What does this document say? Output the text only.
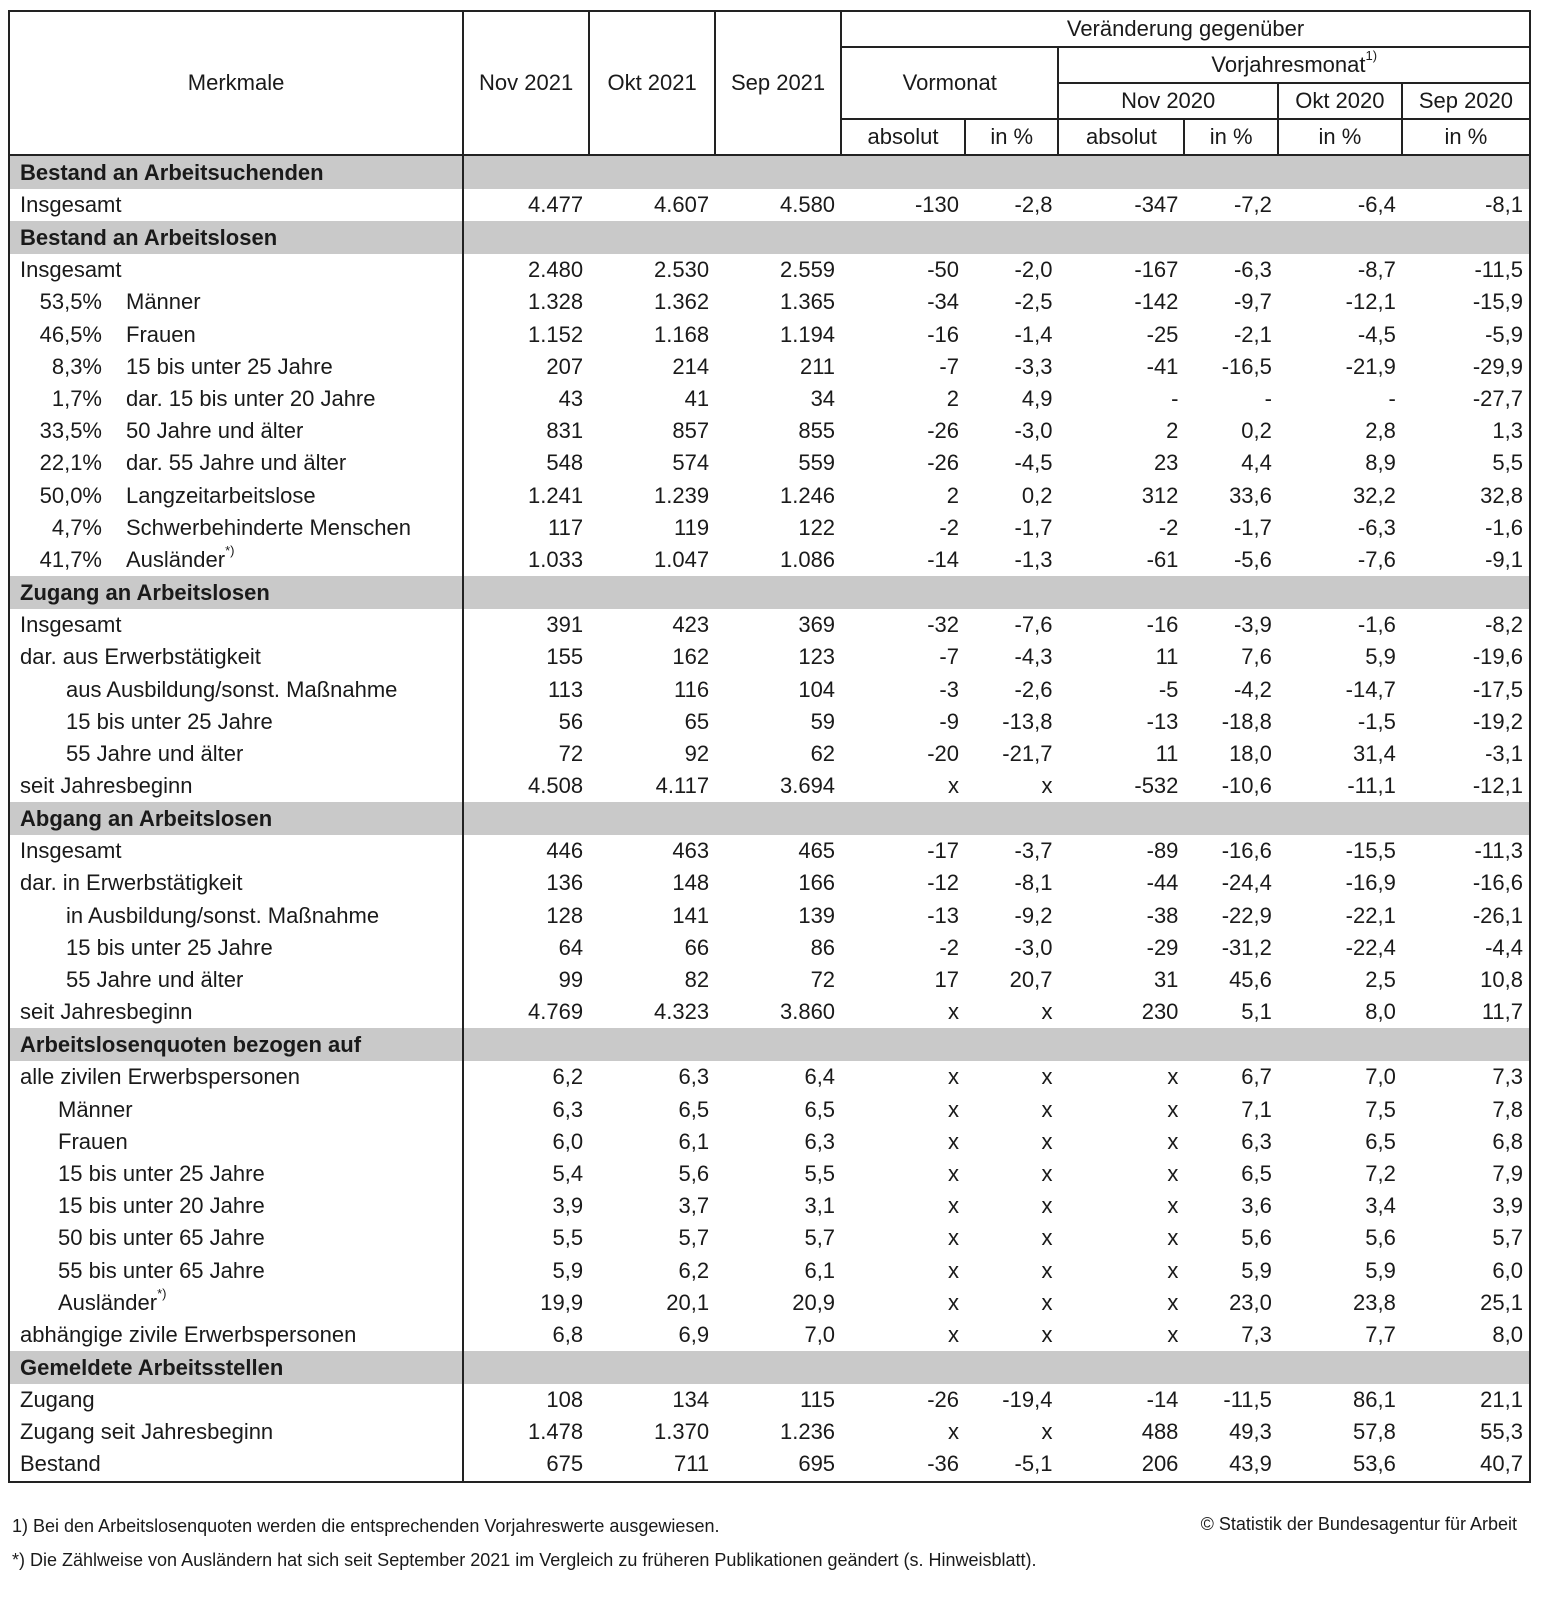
Merkmale	Nov 2021	Okt 2021	Sep 2021	Veränderung gegenüber					
				Vormonat		Vorjahresmonat$^{1)}$
						Nov 2020		Okt 2020	Sep 2020
				absolut	in %	absolut	in %	in %	in %
Bestand an Arbeitsuchenden									
Insgesamt	4.477	4.607	4.580	-130	-2,8	-347	-7,2	-6,4	-8,1
Bestand an Arbeitslosen									
Insgesamt	2.480	2.530	2.559	-50	-2,0	-167	-6,3	-8,7	-11,5
53,5% Männer	1.328	1.362	1.365	-34	-2,5	-142	-9,7	-12,1	-15,9
46,5% Frauen	1.152	1.168	1.194	-16	-1,4	-25	-2,1	-4,5	-5,9
8,3% 15 bis unter 25 Jahre	207	214	211	-7	-3,3	-41	-16,5	-21,9	-29,9
1,7% dar. 15 bis unter 20 Jahre	43	41	34	2	4,9	-	-	-	-27,7
33,5% 50 Jahre und älter	831	857	855	-26	-3,0	2	0,2	2,8	1,3
22,1% dar. 55 Jahre und älter	548	574	559	-26	-4,5	23	4,4	8,9	5,5
50,0% Langzeitarbeitslose	1.241	1.239	1.246	2	0,2	312	33,6	32,2	32,8
4,7% Schwerbehinderte Menschen	117	119	122	-2	-1,7	-2	-1,7	-6,3	-1,6
41,7% Ausländer*)	1.033	1.047	1.086	-14	-1,3	-61	-5,6	-7,6	-9,1
Zugang an Arbeitslosen									
Insgesamt	391	423	369	-32	-7,6	-16	-3,9	-1,6	-8,2
dar. aus Erwerbstätigkeit	155	162	123	-7	-4,3	11	7,6	5,9	-19,6
aus Ausbildung/sonst. Maßnahme	113	116	104	-3	-2,6	-5	-4,2	-14,7	-17,5
15 bis unter 25 Jahre	56	65	59	-9	-13,8	-13	-18,8	-1,5	-19,2
55 Jahre und älter	72	92	62	-20	-21,7	11	18,0	31,4	-3,1
seit Jahresbeginn	4.508	4.117	3.694	x	x	-532	-10,6	-11,1	-12,1
Abgang an Arbeitslosen									
Insgesamt	446	463	465	-17	-3,7	-89	-16,6	-15,5	-11,3
dar. in Erwerbstätigkeit	136	148	166	-12	-8,1	-44	-24,4	-16,9	-16,6
in Ausbildung/sonst. Maßnahme	128	141	139	-13	-9,2	-38	-22,9	-22,1	-26,1
15 bis unter 25 Jahre	64	66	86	-2	-3,0	-29	-31,2	-22,4	-4,4
55 Jahre und älter	99	82	72	17	20,7	31	45,6	2,5	10,8
seit Jahresbeginn	4.769	4.323	3.860	x	x	230	5,1	8,0	11,7
Arbeitslosenquoten bezogen auf									
alle zivilen Erwerbspersonen	6,2	6,3	6,4	x	x	x	6,7	7,0	7,3
Männer	6,3	6,5	6,5	x	x	x	7,1	7,5	7,8
Frauen	6,0	6,1	6,3	x	x	x	6,3	6,5	6,8
15 bis unter 25 Jahre	5,4	5,6	5,5	x	x	x	6,5	7,2	7,9
15 bis unter 20 Jahre	3,9	3,7	3,1	x	x	x	3,6	3,4	3,9
50 bis unter 65 Jahre	5,5	5,7	5,7	x	x	x	5,6	5,6	5,7
55 bis unter 65 Jahre	5,9	6,2	6,1	x	x	x	5,9	5,9	6,0
Ausländer*)	19,9	20,1	20,9	x	x	x	23,0	23,8	25,1
abhängige zivile Erwerbspersonen	6,8	6,9	7,0	x	x	x	7,3	7,7	8,0
Gemeldete Arbeitsstellen									
Zugang	108	134	115	-26	-19,4	-14	-11,5	86,1	21,1
Zugang seit Jahresbeginn	1.478	1.370	1.236	x	x	488	49,3	57,8	55,3
Bestand	675	711	695	-36	-5,1	206	43,9	53,6	40,7
1) Bei den Arbeitslosenquoten werden die entsprechenden Vorjahreswerte ausgewiesen.	© Statistik der Bundesagentur für Arbeit
*) Die Zählweise von Ausländern hat sich seit September 2021 im Vergleich zu früheren Publikationen geändert (s. Hinweisblatt).
